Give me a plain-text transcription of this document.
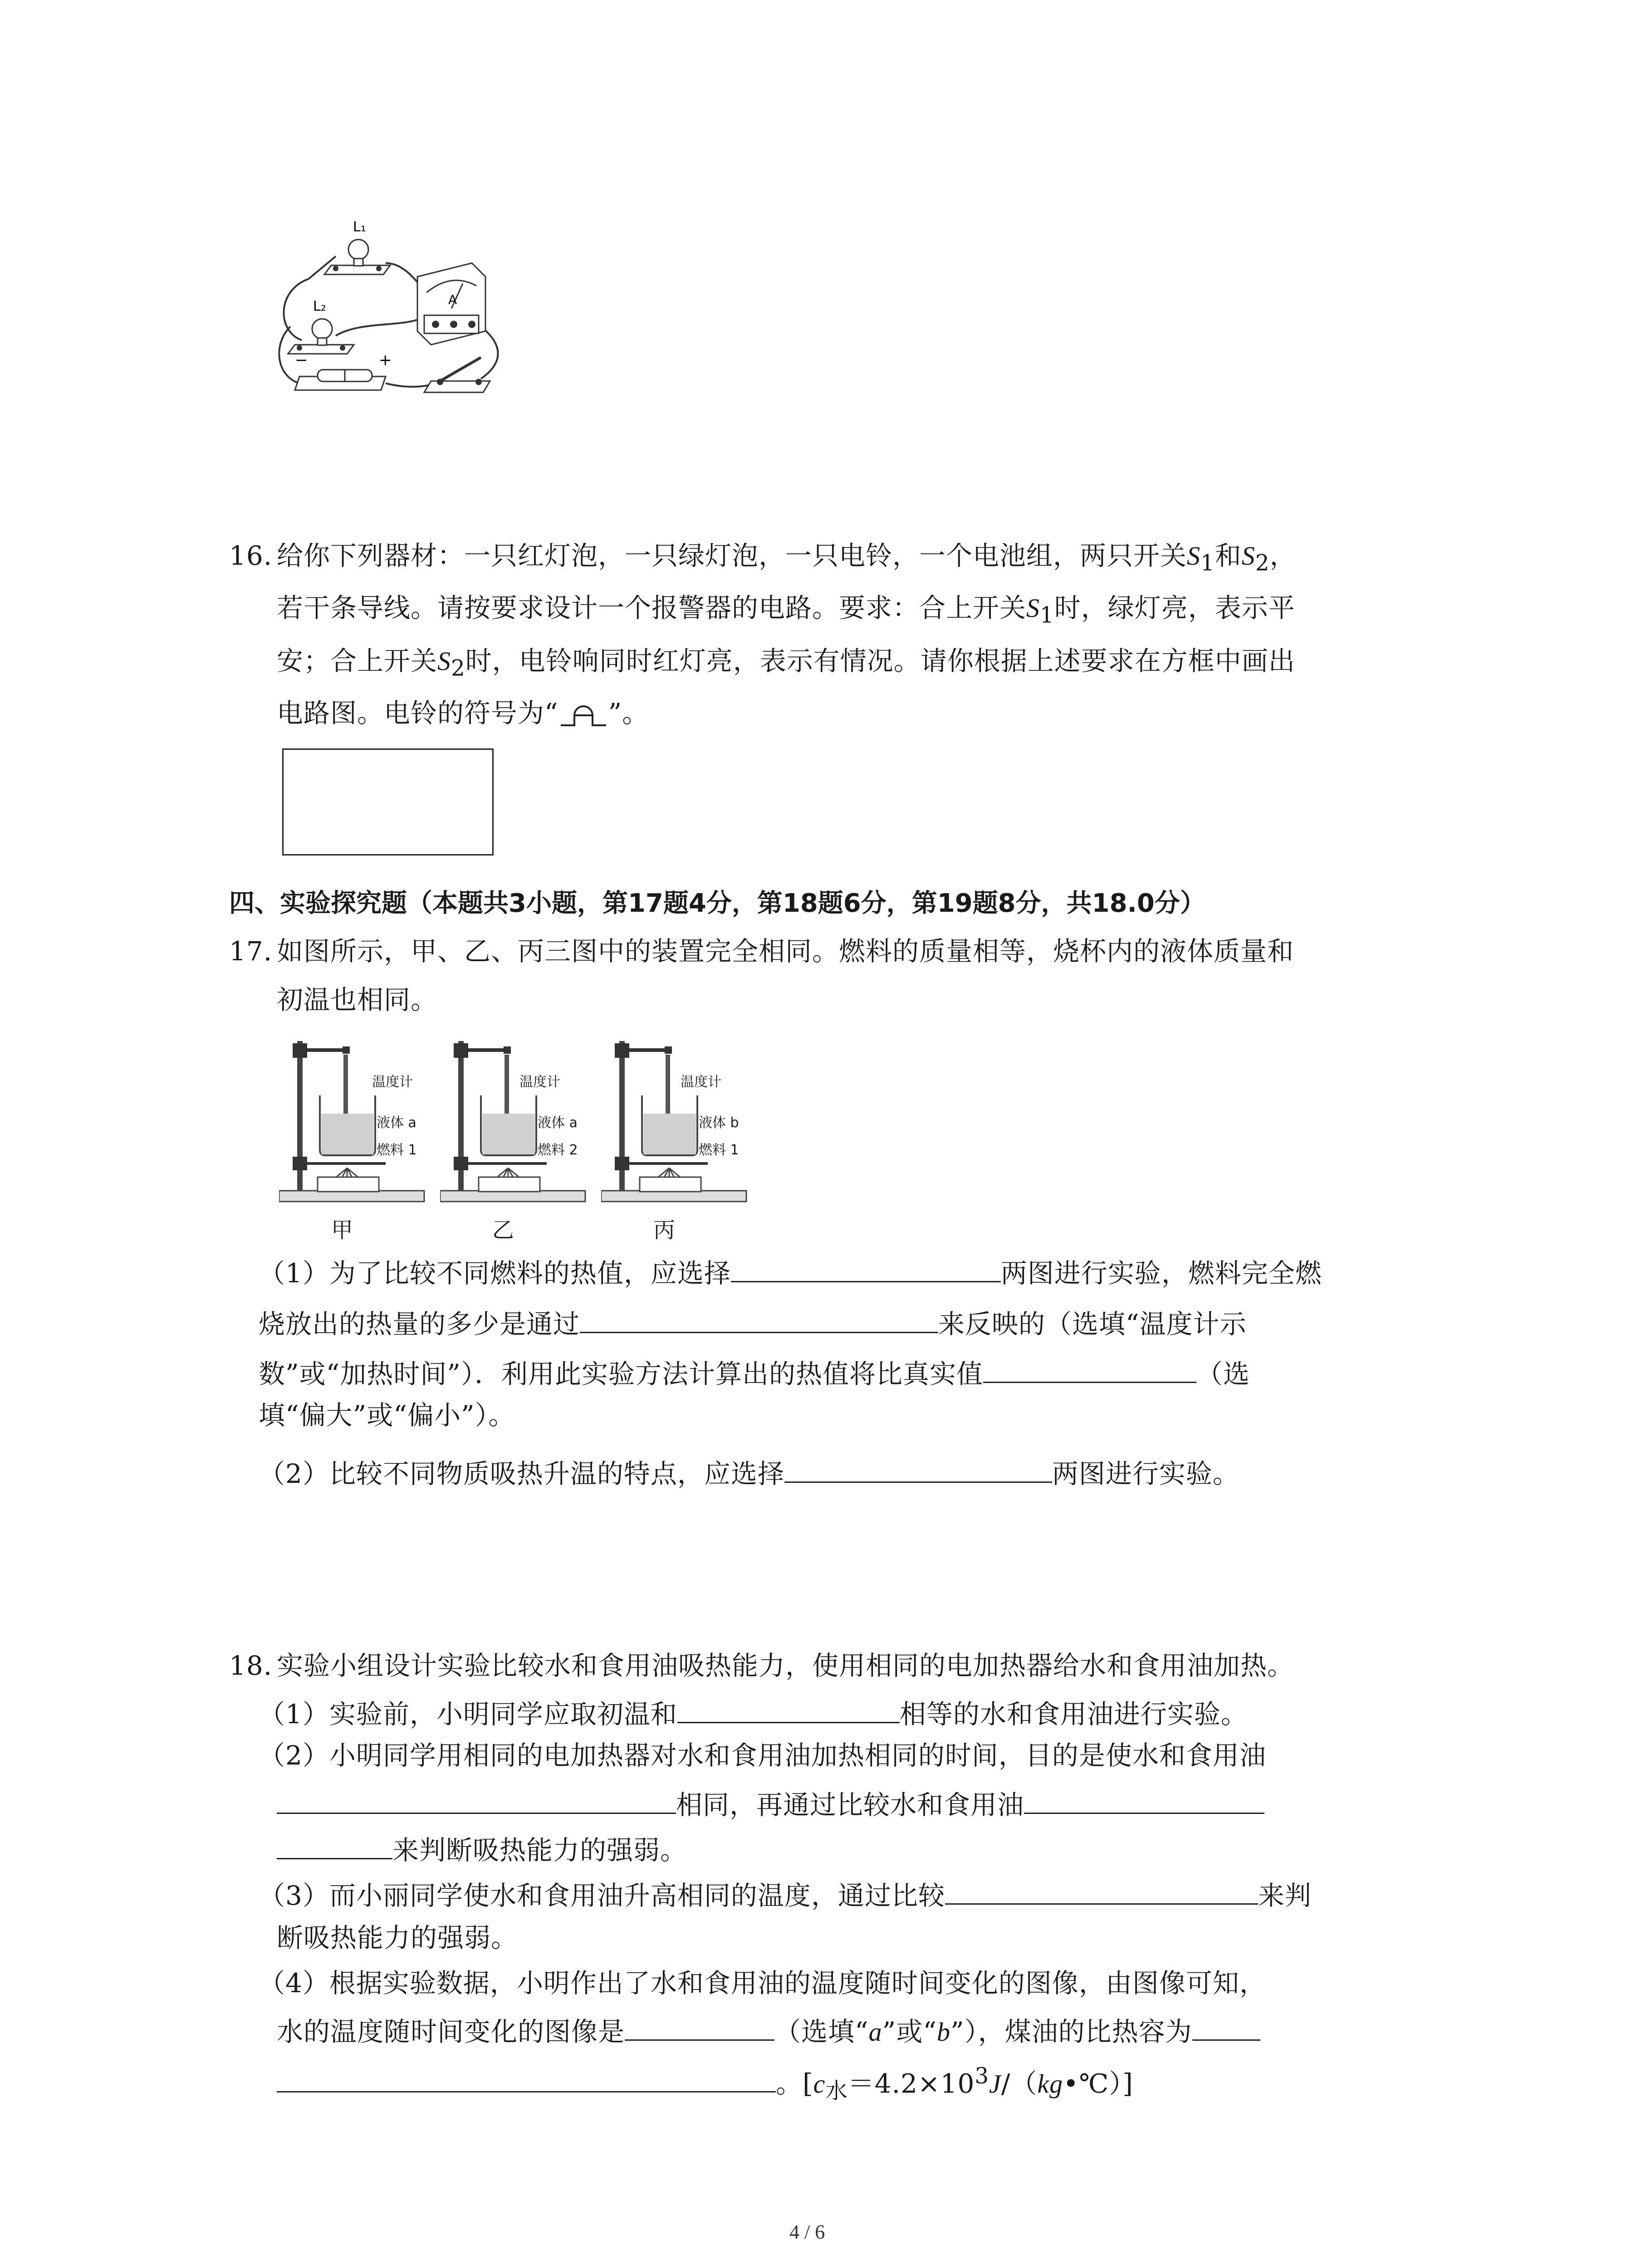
L₁
L₂	A
−	+
16. 给你下列器材：一只红灯泡，一只绿灯泡，一只电铃，一个电池组，两只开关$S_1$和$S_2$，
若干条导线。请按要求设计一个报警器的电路。要求：合上开关$S_1$时，绿灯亮，表示平
安；合上开关$S_2$时，电铃响同时红灯亮，表示有情况。请你根据上述要求在方框中画出
电路图。电铃的符号为“ ”。
四、实验探究题（本题共3小题，第17题4分，第18题6分，第19题8分，共18.0分）
17. 如图所示，甲、乙、丙三图中的装置完全相同。燃料的质量相等，烧杯内的液体质量和
初温也相同。
温度计
液体 a
燃料 1
甲
温度计
液体 a
燃料 2
乙
温度计
液体 b
燃料 1
丙
（1）为了比较不同燃料的热值，应选择	两图进行实验，燃料完全燃
烧放出的热量的多少是通过	来反映的（选填“温度计示
数”或“加热时间”）．利用此实验方法计算出的热值将比真实值	（选
填“偏大”或“偏小”）。
（2）比较不同物质吸热升温的特点，应选择	两图进行实验。
18. 实验小组设计实验比较水和食用油吸热能力，使用相同的电加热器给水和食用油加热。
（1）实验前，小明同学应取初温和	相等的水和食用油进行实验。
（2）小明同学用相同的电加热器对水和食用油加热相同的时间，目的是使水和食用油
相同，再通过比较水和食用油
来判断吸热能力的强弱。
（3）而小丽同学使水和食用油升高相同的温度，通过比较	来判
断吸热能力的强弱。
（4）根据实验数据，小明作出了水和食用油的温度随时间变化的图像，由图像可知，
水的温度随时间变化的图像是	（选填“a”或“b”），煤油的比热容为
。$[c_水=4.2\times 10^3J/(kg•℃)]$
4 / 6
